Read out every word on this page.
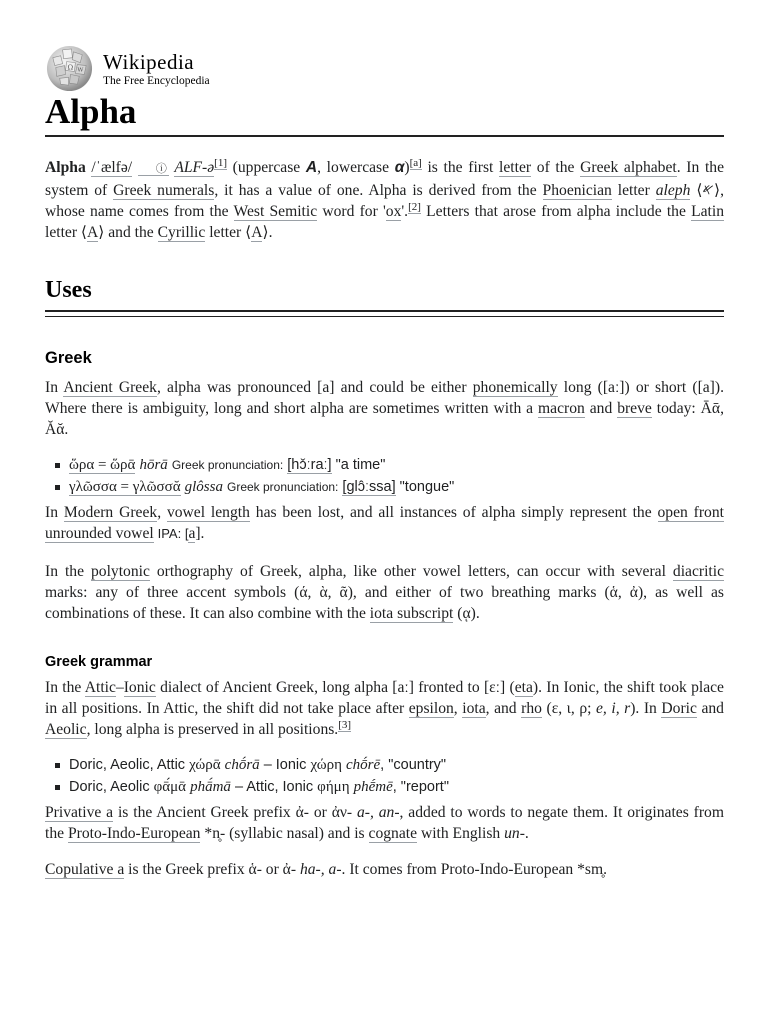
Ω W Wikipedia
The Free Encyclopedia
Alpha

Alpha /ˈælfə/     ⓘ ALF-ə[1] (uppercase Α, lowercase α)[a] is the first letter of the Greek alphabet. In the system of Greek numerals, it has a value of one. Alpha is derived from the Phoenician letter aleph ⟨𐤀⟩, whose name comes from the West Semitic word for 'ox'.[2] Letters that arose from alpha include the Latin letter ⟨A⟩ and the Cyrillic letter ⟨А⟩.

Uses
Greek

In Ancient Greek, alpha was pronounced [a] and could be either phonemically long ([aː]) or short ([a]). Where there is ambiguity, long and short alpha are sometimes written with a macron and breve today: Ᾱᾱ, Ᾰᾰ.

ὥρα = ὥρᾱ hōrā Greek pronunciation: [hɔ̌ːraː] "a time"
γλῶσσα = γλῶσσᾰ glôssa Greek pronunciation: [ɡlɔ̂ːssa] "tongue"

In Modern Greek, vowel length has been lost, and all instances of alpha simply represent the open front unrounded vowel IPA: [a].

In the polytonic orthography of Greek, alpha, like other vowel letters, can occur with several diacritic marks: any of three accent symbols (ά, ὰ, ᾶ), and either of two breathing marks (ἁ, ἀ), as well as combinations of these. It can also combine with the iota subscript (ᾳ).

Greek grammar

In the Attic–Ionic dialect of Ancient Greek, long alpha [aː] fronted to [ɛː] (eta). In Ionic, the shift took place in all positions. In Attic, the shift did not take place after epsilon, iota, and rho (ε, ι, ρ; e, i, r). In Doric and Aeolic, long alpha is preserved in all positions.[3]

Doric, Aeolic, Attic χώρᾱ chṓrā – Ionic χώρη chṓrē, "country"
Doric, Aeolic φᾱ́μᾱ phā́mā – Attic, Ionic φήμη phḗmē, "report"

Privative a is the Ancient Greek prefix ἀ- or ἀν- a-, an-, added to words to negate them. It originates from the Proto-Indo-European *n̥- (syllabic nasal) and is cognate with English un-.

Copulative a is the Greek prefix ἁ- or ἀ- ha-, a-. It comes from Proto-Indo-European *sm̥.
